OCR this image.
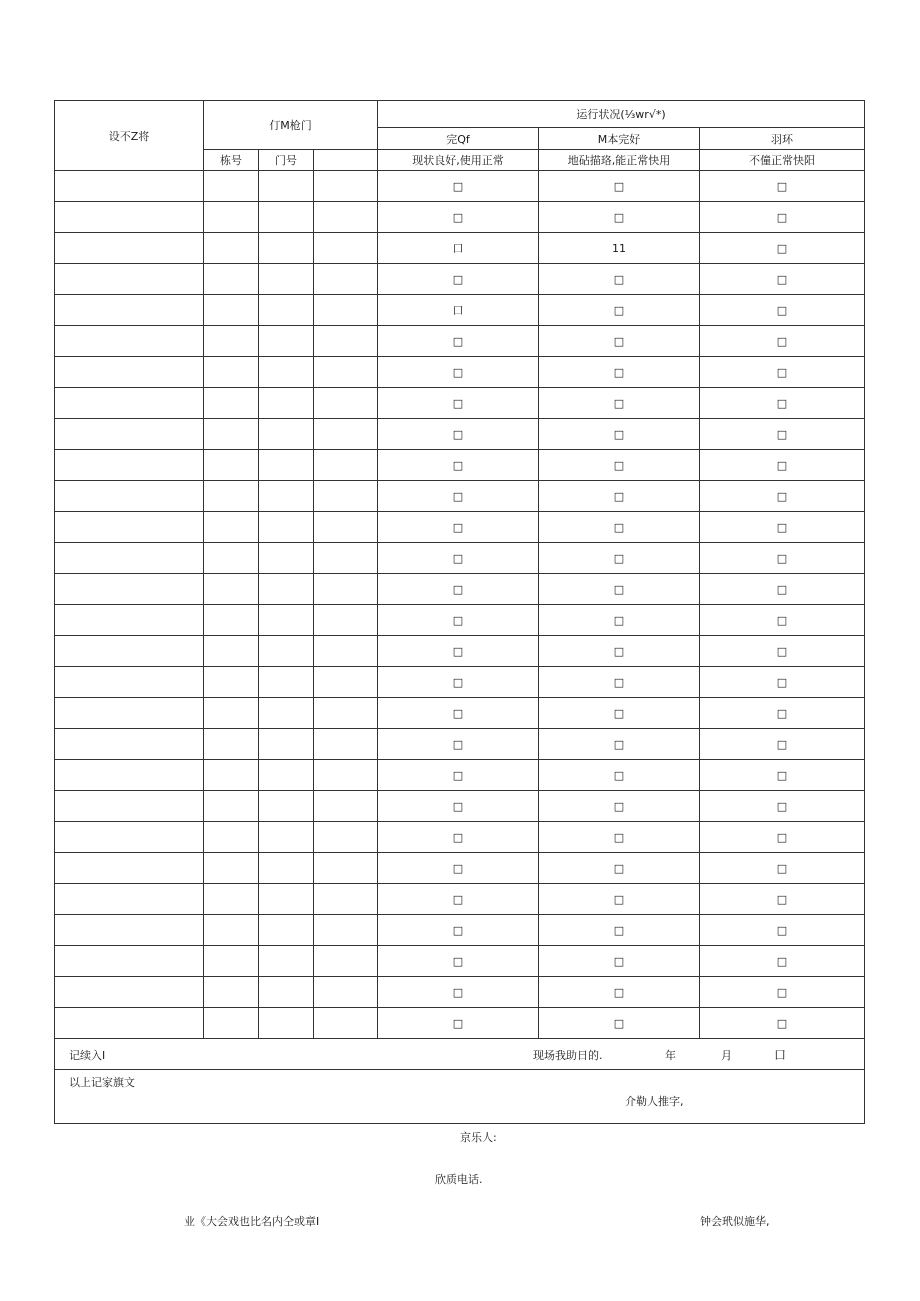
设不Z将	仃M枪门			运行状况(⅓wr√*)		
				完Qf	M本完好	羽环
	栋号	门号		现状良好,使用正常	地砧描珞,能正常快用	不僮正常快阳
				□	□	□
				□	□	□
				口	11	□
				□	□	□
				口	□	□
				□	□	□
				□	□	□
				□	□	□
				□	□	□
				□	□	□
				□	□	□
				□	□	□
				□	□	□
				□	□	□
				□	□	□
				□	□	□
				□	□	□
				□	□	□
				□	□	□
				□	□	□
				□	□	□
				□	□	□
				□	□	□
				□	□	□
				□	□	□
				□	□	□
				□	□	□
				□	□	□

记续入I 现场我助日的. 年 月 口						

以上记家旗文
介勒人推字,						
京乐人:
欣质电话.
业《大会戏也比名内仝或章I	钟会玳似施华,
